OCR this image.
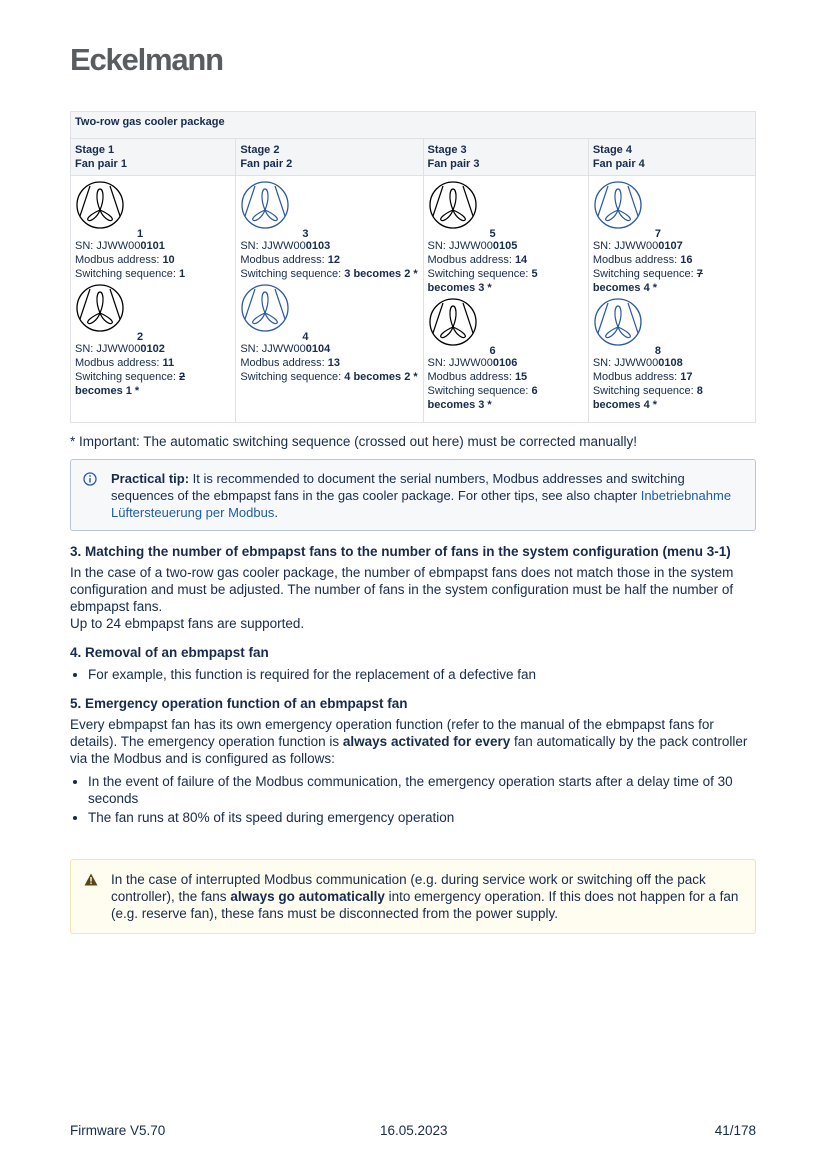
Eckelmann
Two-row gas cooler package			

Stage 1
Fan pair 1

Stage 2
Fan pair 2

Stage 3
Fan pair 3

Stage 4
Fan pair 4

1
SN: JJWW000101
Modbus address: 10
Switching sequence: 1
2
SN: JJWW000102
Modbus address: 11
Switching sequence: 2
becomes 1 *

3
SN: JJWW000103
Modbus address: 12
Switching sequence: 3 becomes 2 *
4
SN: JJWW000104
Modbus address: 13
Switching sequence: 4 becomes 2 *

5
SN: JJWW000105
Modbus address: 14
Switching sequence: 5
becomes 3 *
6
SN: JJWW000106
Modbus address: 15
Switching sequence: 6
becomes 3 *

7
SN: JJWW000107
Modbus address: 16
Switching sequence: 7
becomes 4 *
8
SN: JJWW000108
Modbus address: 17
Switching sequence: 8
becomes 4 *
* Important: The automatic switching sequence (crossed out here) must be corrected manually!
Practical tip: It is recommended to document the serial numbers, Modbus addresses and switching sequences of the ebmpapst fans in the gas cooler package. For other tips, see also chapter Inbetriebnahme Lüftersteuerung per Modbus.
3. Matching the number of ebmpapst fans to the number of fans in the system configuration (menu 3-1)

In the case of a two-row gas cooler package, the number of ebmpapst fans does not match those in the system configuration and must be adjusted. The number of fans in the system configuration must be half the number of ebmpapst fans.

Up to 24 ebmpapst fans are supported.

4. Removal of an ebmpapst fan
• For example, this function is required for the replacement of a defective fan
5. Emergency operation function of an ebmpapst fan

Every ebmpapst fan has its own emergency operation function (refer to the manual of the ebmpapst fans for details). The emergency operation function is always activated for every fan automatically by the pack controller via the Modbus and is configured as follows:

• In the event of failure of the Modbus communication, the emergency operation starts after a delay time of 30 seconds
• The fan runs at 80% of its speed during emergency operation
In the case of interrupted Modbus communication (e.g. during service work or switching off the pack controller), the fans always go automatically into emergency operation. If this does not happen for a fan (e.g. reserve fan), these fans must be disconnected from the power supply.
Firmware V5.70	16.05.2023	41/178
